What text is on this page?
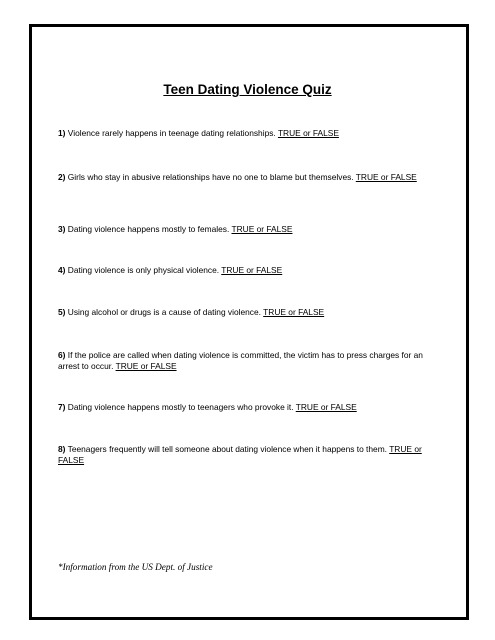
Teen Dating Violence Quiz
1) Violence rarely happens in teenage dating relationships. TRUE or FALSE
2) Girls who stay in abusive relationships have no one to blame but themselves. TRUE or FALSE
3) Dating violence happens mostly to females. TRUE or FALSE
4) Dating violence is only physical violence. TRUE or FALSE
5) Using alcohol or drugs is a cause of dating violence. TRUE or FALSE
6) If the police are called when dating violence is committed, the victim has to press charges for an arrest to occur. TRUE or FALSE
7) Dating violence happens mostly to teenagers who provoke it. TRUE or FALSE
8) Teenagers frequently will tell someone about dating violence when it happens to them. TRUE or FALSE
*Information from the US Dept. of Justice
